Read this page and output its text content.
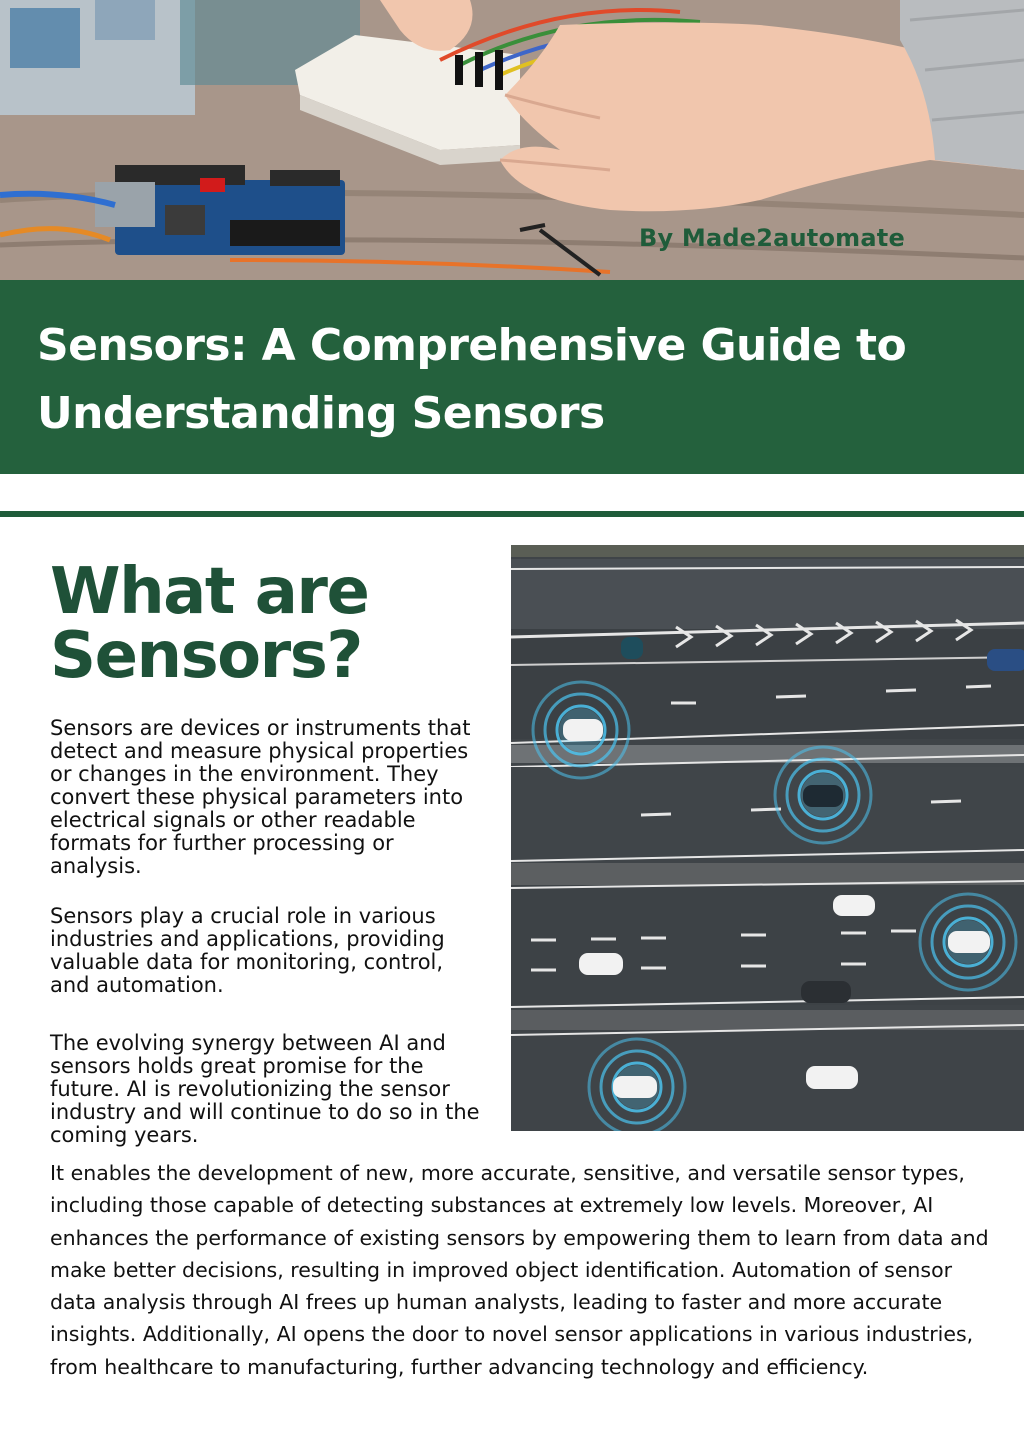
By Made2automate
Sensors: A Comprehensive Guide to Understanding Sensors
What are Sensors?

Sensors are devices or instruments that detect and measure physical properties or changes in the environment. They convert these physical parameters into electrical signals or other readable formats for further processing or analysis.

Sensors play a crucial role in various industries and applications, providing valuable data for monitoring, control, and automation.

The evolving synergy between AI and sensors holds great promise for the future. AI is revolutionizing the sensor industry and will continue to do so in the coming years.

It enables the development of new, more accurate, sensitive, and versatile sensor types, including those capable of detecting substances at extremely low levels. Moreover, AI enhances the performance of existing sensors by empowering them to learn from data and make better decisions, resulting in improved object identification. Automation of sensor data analysis through AI frees up human analysts, leading to faster and more accurate insights. Additionally, AI opens the door to novel sensor applications in various industries, from healthcare to manufacturing, further advancing technology and efficiency.
